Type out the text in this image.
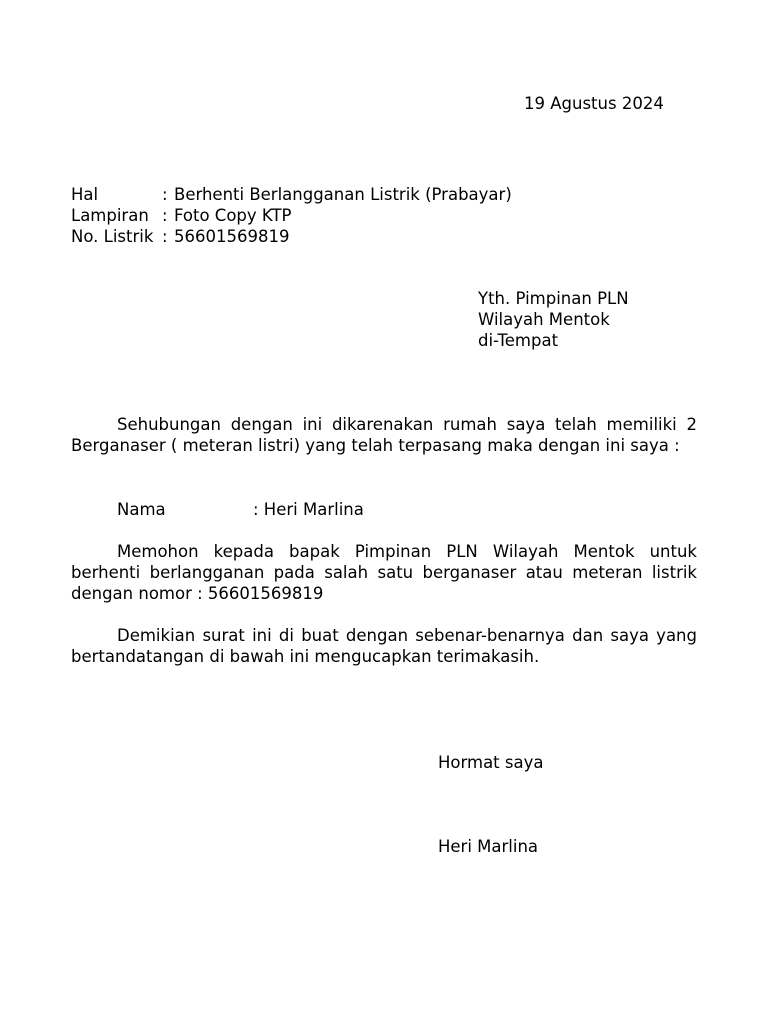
19 Agustus 2024
Hal	: Berhenti Berlangganan Listrik (Prabayar)
Lampiran : Foto Copy KTP
No. Listrik : 56601569819
Yth. Pimpinan PLN
Wilayah Mentok
di-Tempat

Sehubungan dengan ini dikarenakan rumah saya telah memiliki 2 Berganaser ( meteran listri) yang telah terpasang maka dengan ini saya :

Nama	: Heri Marlina

Memohon kepada bapak Pimpinan PLN Wilayah Mentok untuk berhenti berlangganan pada salah satu berganaser atau meteran listrik dengan nomor : 56601569819

Demikian surat ini di buat dengan sebenar-benarnya dan saya yang bertandatangan di bawah ini mengucapkan terimakasih.

Hormat saya
Heri Marlina
